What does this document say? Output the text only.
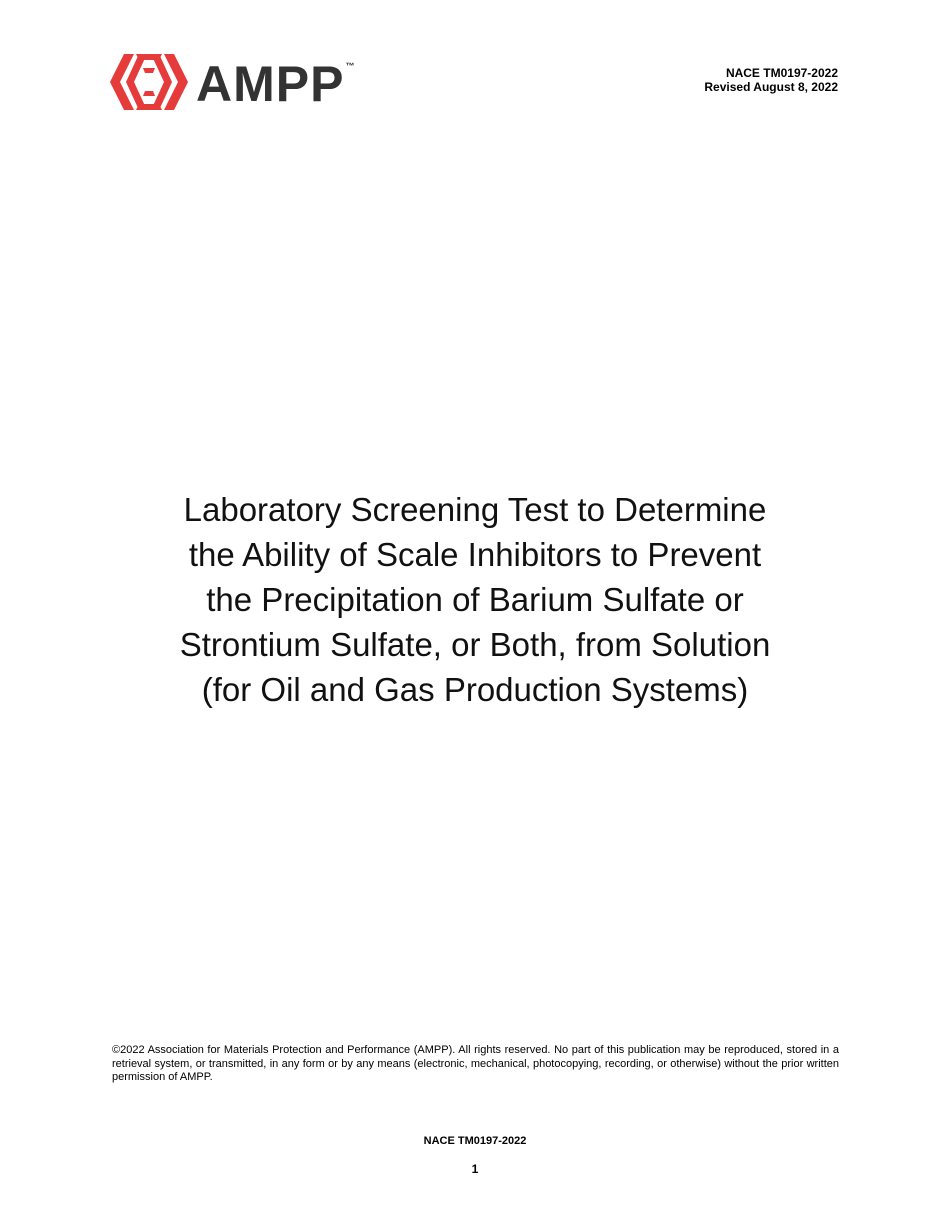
AMPP ™	NACE TM0197-2022
Revised August 8, 2022
Laboratory Screening Test to Determine
the Ability of Scale Inhibitors to Prevent
the Precipitation of Barium Sulfate or
Strontium Sulfate, or Both, from Solution
(for Oil and Gas Production Systems)
©2022 Association for Materials Protection and Performance (AMPP). All rights reserved. No part of this publication may be reproduced, stored in a retrieval system, or transmitted, in any form or by any means (electronic, mechanical, photocopying, recording, or otherwise) without the prior written permission of AMPP.
NACE TM0197-2022
1
